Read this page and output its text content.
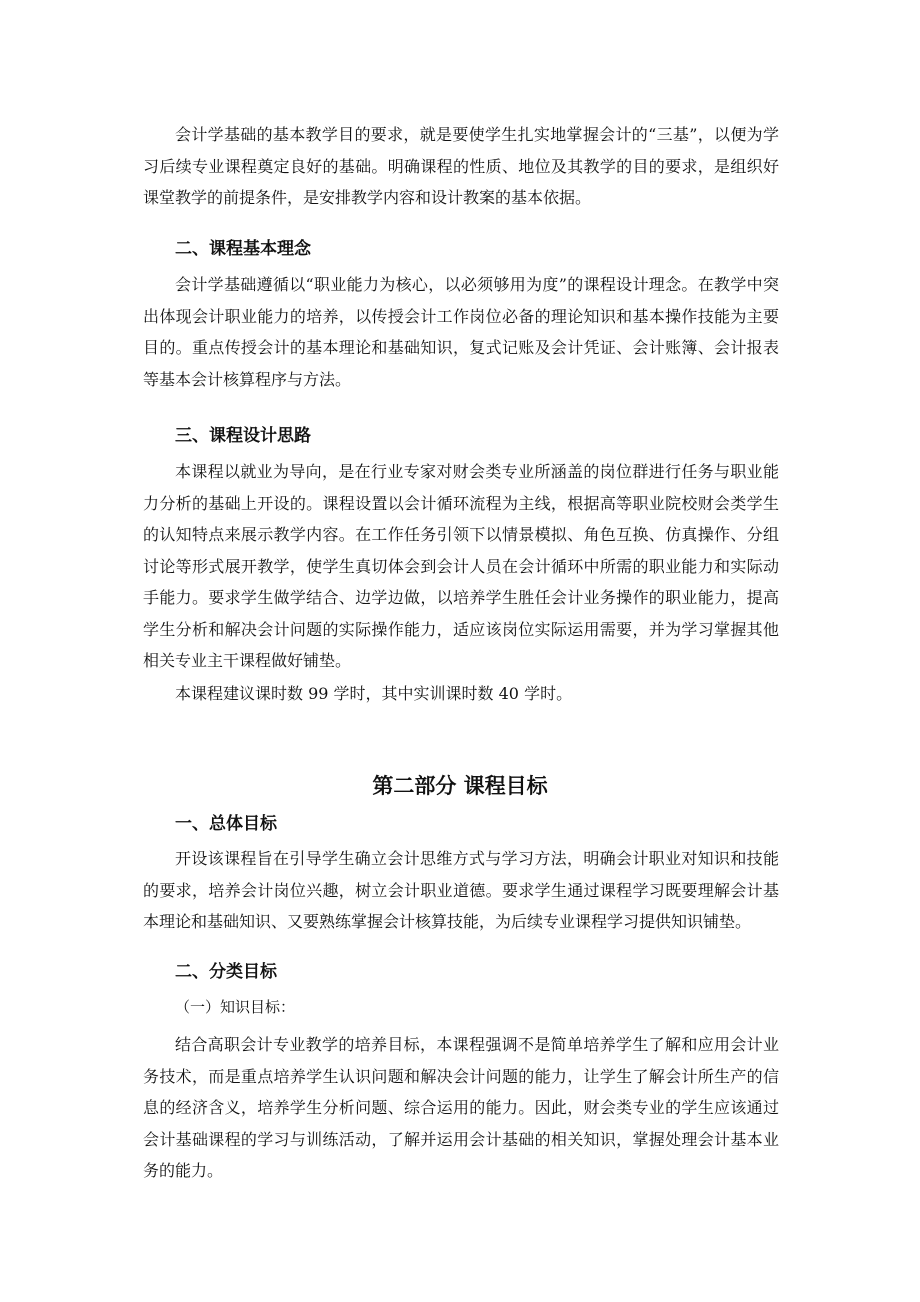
会计学基础的基本教学目的要求，就是要使学生扎实地掌握会计的“三基”，以便为学习后续专业课程奠定良好的基础。明确课程的性质、地位及其教学的目的要求，是组织好课堂教学的前提条件，是安排教学内容和设计教案的基本依据。

二、课程基本理念

会计学基础遵循以“职业能力为核心，以必须够用为度”的课程设计理念。在教学中突出体现会计职业能力的培养，以传授会计工作岗位必备的理论知识和基本操作技能为主要目的。重点传授会计的基本理论和基础知识，复式记账及会计凭证、会计账簿、会计报表等基本会计核算程序与方法。

三、课程设计思路

本课程以就业为导向，是在行业专家对财会类专业所涵盖的岗位群进行任务与职业能力分析的基础上开设的。课程设置以会计循环流程为主线，根据高等职业院校财会类学生的认知特点来展示教学内容。在工作任务引领下以情景模拟、角色互换、仿真操作、分组讨论等形式展开教学，使学生真切体会到会计人员在会计循环中所需的职业能力和实际动手能力。要求学生做学结合、边学边做，以培养学生胜任会计业务操作的职业能力，提高学生分析和解决会计问题的实际操作能力，适应该岗位实际运用需要，并为学习掌握其他相关专业主干课程做好铺垫。

本课程建议课时数 99 学时，其中实训课时数 40 学时。

第二部分 课程目标

一、总体目标

开设该课程旨在引导学生确立会计思维方式与学习方法，明确会计职业对知识和技能的要求，培养会计岗位兴趣，树立会计职业道德。要求学生通过课程学习既要理解会计基本理论和基础知识、又要熟练掌握会计核算技能，为后续专业课程学习提供知识铺垫。

二、分类目标

（一）知识目标：

结合高职会计专业教学的培养目标，本课程强调不是简单培养学生了解和应用会计业务技术，而是重点培养学生认识问题和解决会计问题的能力，让学生了解会计所生产的信息的经济含义，培养学生分析问题、综合运用的能力。因此，财会类专业的学生应该通过会计基础课程的学习与训练活动，了解并运用会计基础的相关知识，掌握处理会计基本业务的能力。
